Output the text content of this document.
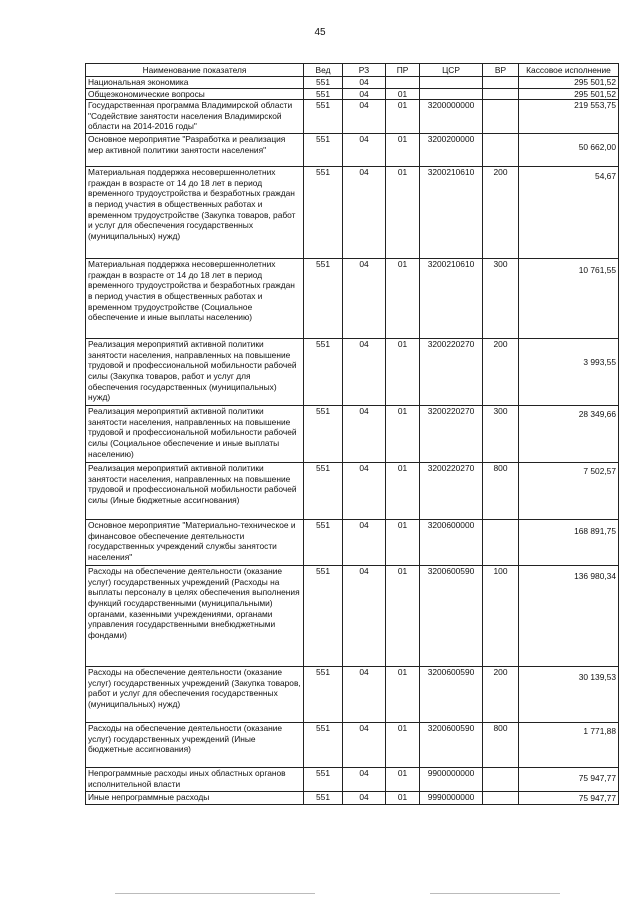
45
Наименование показателя	Вед	РЗ	ПР	ЦСР	ВР	Кассовое исполнение
Национальная экономика	551	04				295 501,52
Общеэкономические вопросы	551	04	01			295 501,52
Государственная программа Владимирской области "Содействие занятости населения Владимирской области на 2014-2016 годы"	551	04	01	3200000000		219 553,75
Основное мероприятие "Разработка и реализация мер активной политики занятости населения"	551	04	01	3200200000		50 662,00
Материальная поддержка несовершеннолетних граждан в возрасте от 14 до 18 лет в период временного трудоустройства и безработных граждан в период участия в общественных работах и временном трудоустройстве (Закупка товаров, работ и услуг для обеспечения государственных (муниципальных) нужд)	551	04	01	3200210610	200	54,67
Материальная поддержка несовершеннолетних граждан в возрасте от 14 до 18 лет в период временного трудоустройства и безработных граждан в период участия в общественных работах и временном трудоустройстве (Социальное обеспечение и иные выплаты населению)	551	04	01	3200210610	300	10 761,55
Реализация мероприятий активной политики занятости населения, направленных на повышение трудовой и профессиональной мобильности рабочей силы (Закупка товаров, работ и услуг для обеспечения государственных (муниципальных) нужд)	551	04	01	3200220270	200	3 993,55
Реализация мероприятий активной политики занятости населения, направленных на повышение трудовой и профессиональной мобильности рабочей силы (Социальное обеспечение и иные выплаты населению)	551	04	01	3200220270	300	28 349,66
Реализация мероприятий активной политики занятости населения, направленных на повышение трудовой и профессиональной мобильности рабочей силы (Иные бюджетные ассигнования)	551	04	01	3200220270	800	7 502,57
Основное мероприятие "Материально-техническое и финансовое обеспечение деятельности государственных учреждений службы занятости населения"	551	04	01	3200600000		168 891,75
Расходы на обеспечение деятельности (оказание услуг) государственных учреждений (Расходы на выплаты персоналу в целях обеспечения выполнения функций государственными (муниципальными) органами, казенными учреждениями, органами управления государственными внебюджетными фондами)	551	04	01	3200600590	100	136 980,34
Расходы на обеспечение деятельности (оказание услуг) государственных учреждений (Закупка товаров, работ и услуг для обеспечения государственных (муниципальных) нужд)	551	04	01	3200600590	200	30 139,53
Расходы на обеспечение деятельности (оказание услуг) государственных учреждений (Иные бюджетные ассигнования)	551	04	01	3200600590	800	1 771,88
Непрограммные расходы иных областных органов исполнительной власти	551	04	01	9900000000		75 947,77
Иные непрограммные расходы	551	04	01	9990000000		75 947,77
